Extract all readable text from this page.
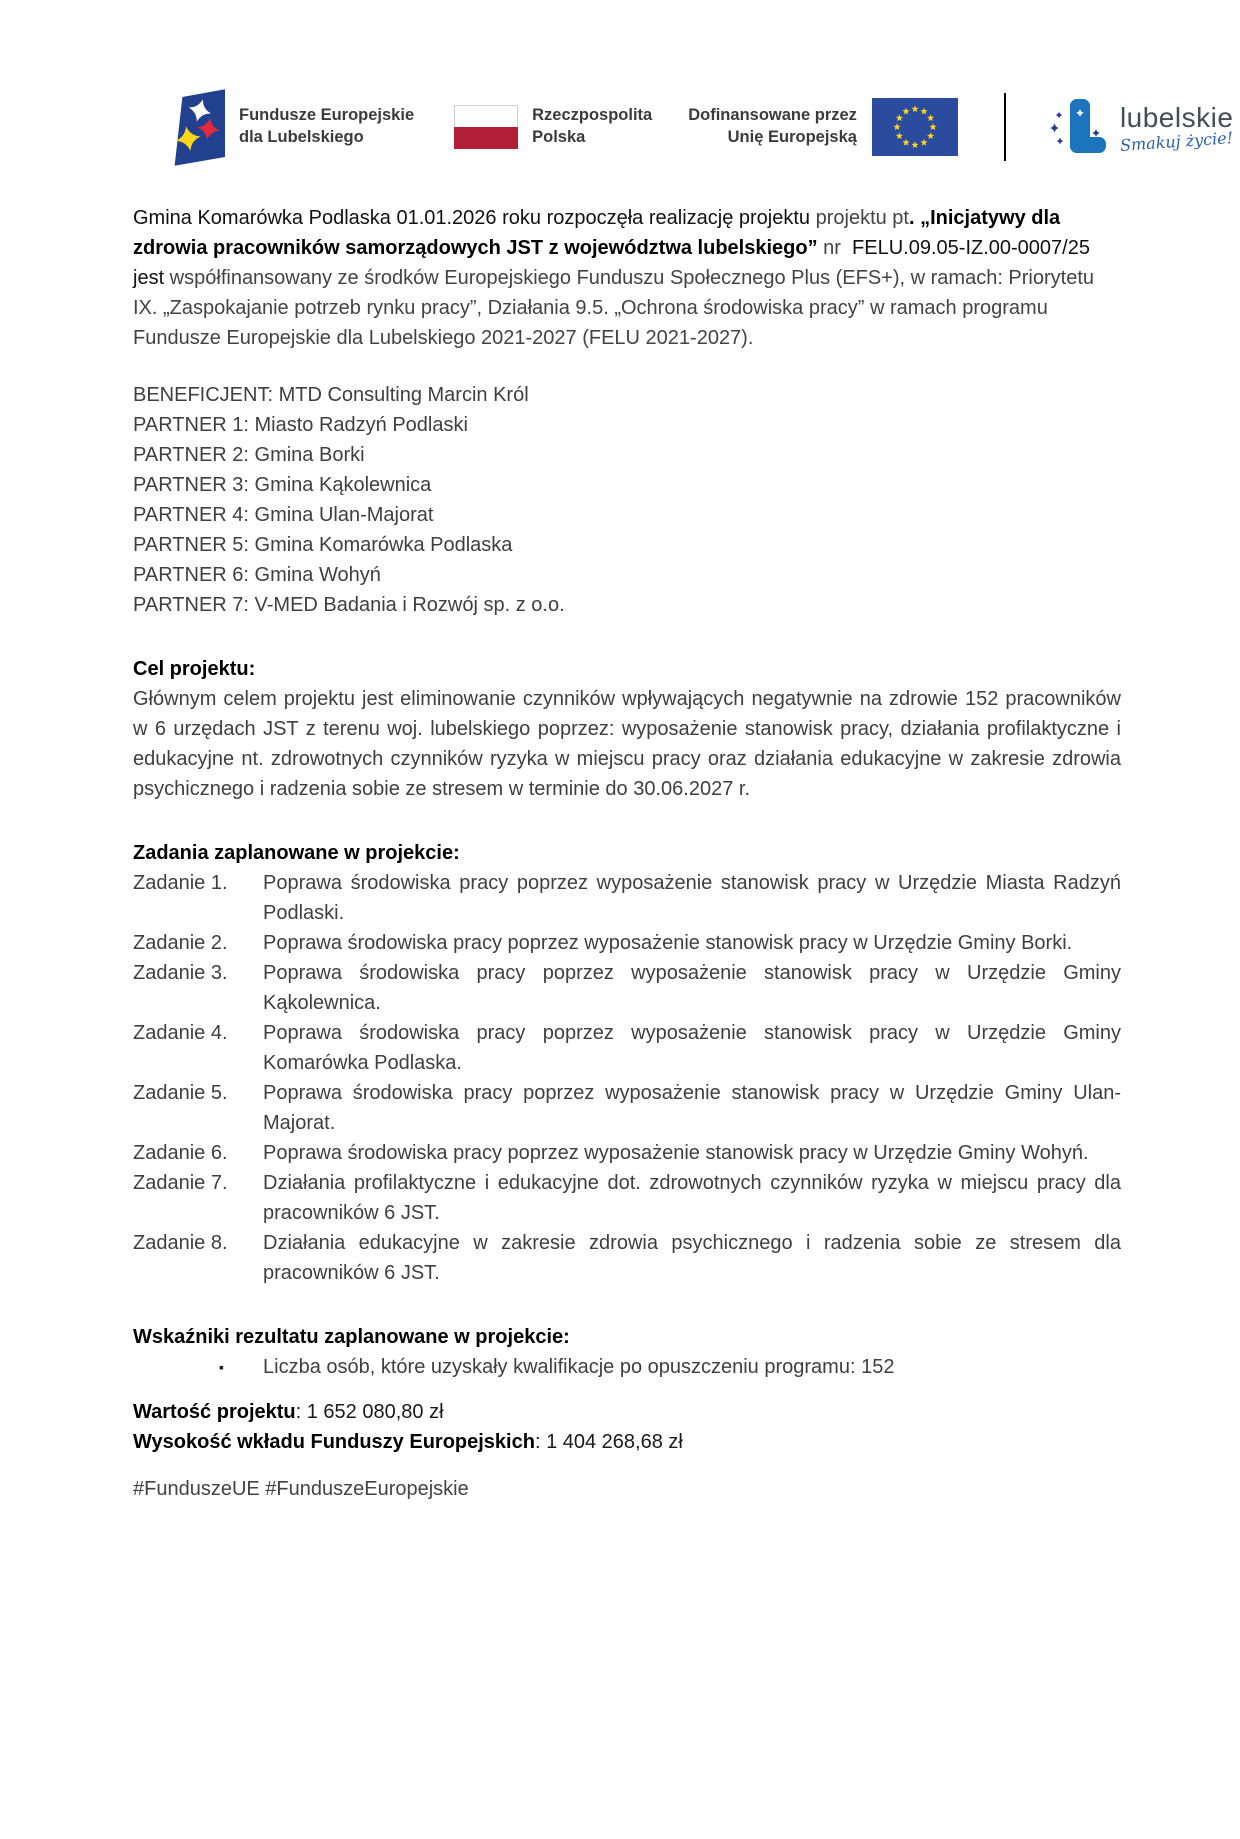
Fundusze Europejskie
dla Lubelskiego
Rzeczpospolita
Polska
Dofinansowane przez
Unię Europejską
lubelskie
Smakuj życie!

Gmina Komarówka Podlaska 01.01.2026 roku rozpoczęła realizację projektu projektu pt. „Inicjatywy dla zdrowia pracowników samorządowych JST z województwa lubelskiego” nr  FELU.09.05-IZ.00-0007/25
jest współfinansowany ze środków Europejskiego Funduszu Społecznego Plus (EFS+), w ramach: Priorytetu IX. „Zaspokajanie potrzeb rynku pracy”, Działania 9.5. „Ochrona środowiska pracy” w ramach programu Fundusze Europejskie dla Lubelskiego 2021-2027 (FELU 2021-2027).

BENEFICJENT: MTD Consulting Marcin Król
PARTNER 1: Miasto Radzyń Podlaski
PARTNER 2: Gmina Borki
PARTNER 3: Gmina Kąkolewnica
PARTNER 4: Gmina Ulan-Majorat
PARTNER 5: Gmina Komarówka Podlaska
PARTNER 6: Gmina Wohyń
PARTNER 7: V-MED Badania i Rozwój sp. z o.o.
Cel projektu:

Głównym celem projektu jest eliminowanie czynników wpływających negatywnie na zdrowie 152 pracowników w 6 urzędach JST z terenu woj. lubelskiego poprzez: wyposażenie stanowisk pracy, działania profilaktyczne i edukacyjne nt. zdrowotnych czynników ryzyka w miejscu pracy oraz działania edukacyjne w zakresie zdrowia psychicznego i radzenia sobie ze stresem w terminie do 30.06.2027 r.

Zadania zaplanowane w projekcie:
Zadanie 1.	Poprawa środowiska pracy poprzez wyposażenie stanowisk pracy w Urzędzie Miasta Radzyń Podlaski.
Zadanie 2.	Poprawa środowiska pracy poprzez wyposażenie stanowisk pracy w Urzędzie Gminy Borki.
Zadanie 3.	Poprawa środowiska pracy poprzez wyposażenie stanowisk pracy w Urzędzie Gminy Kąkolewnica.
Zadanie 4.	Poprawa środowiska pracy poprzez wyposażenie stanowisk pracy w Urzędzie Gminy Komarówka Podlaska.
Zadanie 5.	Poprawa środowiska pracy poprzez wyposażenie stanowisk pracy w Urzędzie Gminy Ulan-Majorat.
Zadanie 6.	Poprawa środowiska pracy poprzez wyposażenie stanowisk pracy w Urzędzie Gminy Wohyń.
Zadanie 7.	Działania profilaktyczne i edukacyjne dot. zdrowotnych czynników ryzyka w miejscu pracy dla pracowników 6 JST.
Zadanie 8.	Działania edukacyjne w zakresie zdrowia psychicznego i radzenia sobie ze stresem dla pracowników 6 JST.
Wskaźniki rezultatu zaplanowane w projekcie:
▪	Liczba osób, które uzyskały kwalifikacje po opuszczeniu programu: 152

Wartość projektu: 1 652 080,80 zł

Wysokość wkładu Funduszy Europejskich: 1 404 268,68 zł

#FunduszeUE #FunduszeEuropejskie
